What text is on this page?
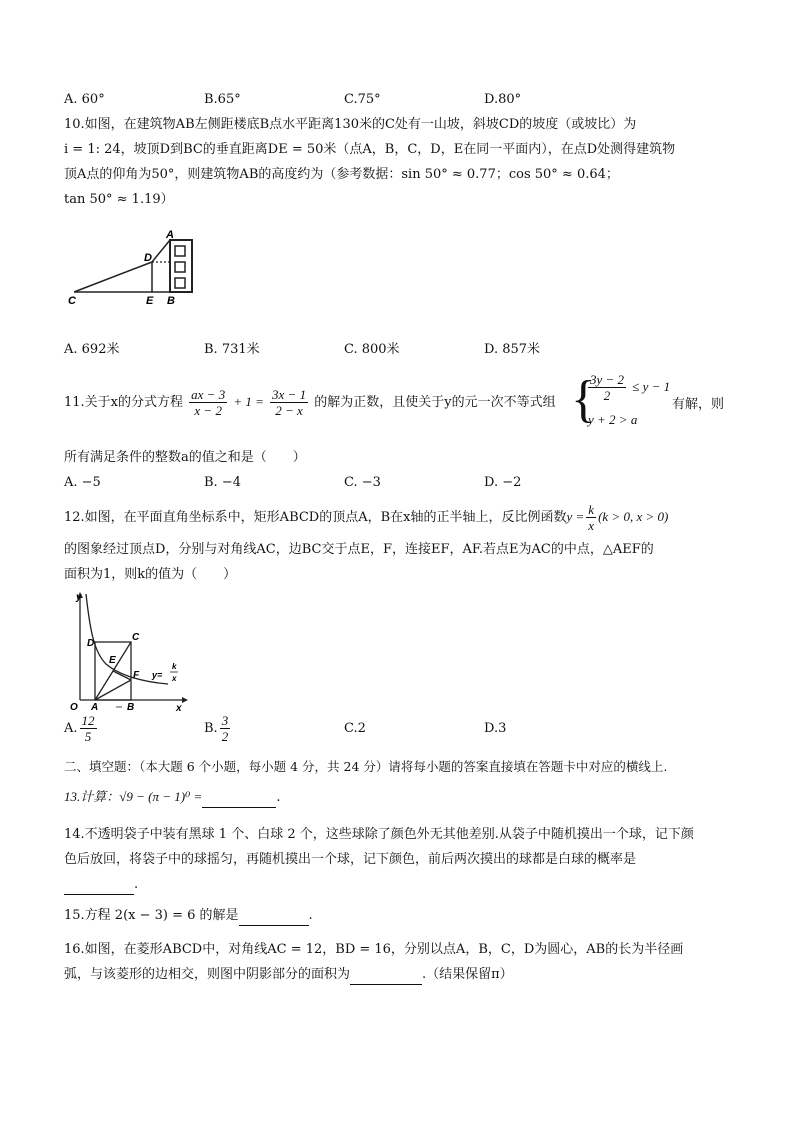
A. 60°	B.65°	C.75°	D.80°
10.如图，在建筑物AB左侧距楼底B点水平距离130米的C处有一山坡，斜坡CD的坡度（或坡比）为
i = 1: 24，坡顶D到BC的垂直距离DE = 50米（点A，B，C，D，E在同一平面内），在点D处测得建筑物
顶A点的仰角为50°，则建筑物AB的高度约为（参考数据：sin 50° ≈ 0.77；cos 50° ≈ 0.64；
tan 50° ≈ 1.19）
A
D
C	E B
A. 692米	B. 731米	C. 800米	D. 857米
11.关于x的分式方程 $\frac{ax - 3}{x - 2} + 1 = \frac{3x - 1}{2 - x}$ 的解为正数，且使关于y的元一次不等式组 {
$\frac{3y - 2}{2} \le y - 1$
y + 2 > a
有解，则
所有满足条件的整数a的值之和是（　　）
A. −5	B. −4	C. −3	D. −2
12.如图，在平面直角坐标系中，矩形ABCD的顶点A，B在x轴的正半轴上，反比例函数$y = \frac{k}{x} (k > 0$, x > 0)
的图象经过顶点D，分别与对角线AC，边BC交于点E，F，连接EF，AF.若点E为AC的中点，△AEF的
面积为1，则k的值为（　　）
y
x
O A	B
C
D
E
F y=
k
x
A. $\frac{12}{5}$	B. $\frac{3}{2}$	C.2	D.3
二、填空题：（本大题 6 个小题，每小题 4 分，共 24 分）请将每小题的答案直接填在答题卡中对应的横线上.
13.计算：√9 − (π − 1)⁰ =	.
14.不透明袋子中装有黑球 1 个、白球 2 个，这些球除了颜色外无其他差别.从袋子中随机摸出一个球，记下颜
色后放回，将袋子中的球摇匀，再随机摸出一个球，记下颜色，前后两次摸出的球都是白球的概率是
.
15.方程 2(x − 3) = 6 的解是	.
16.如图，在菱形ABCD中，对角线AC = 12，BD = 16，分别以点A，B，C，D为圆心，AB的长为半径画
弧，与该菱形的边相交，则图中阴影部分的面积为	.（结果保留π）
